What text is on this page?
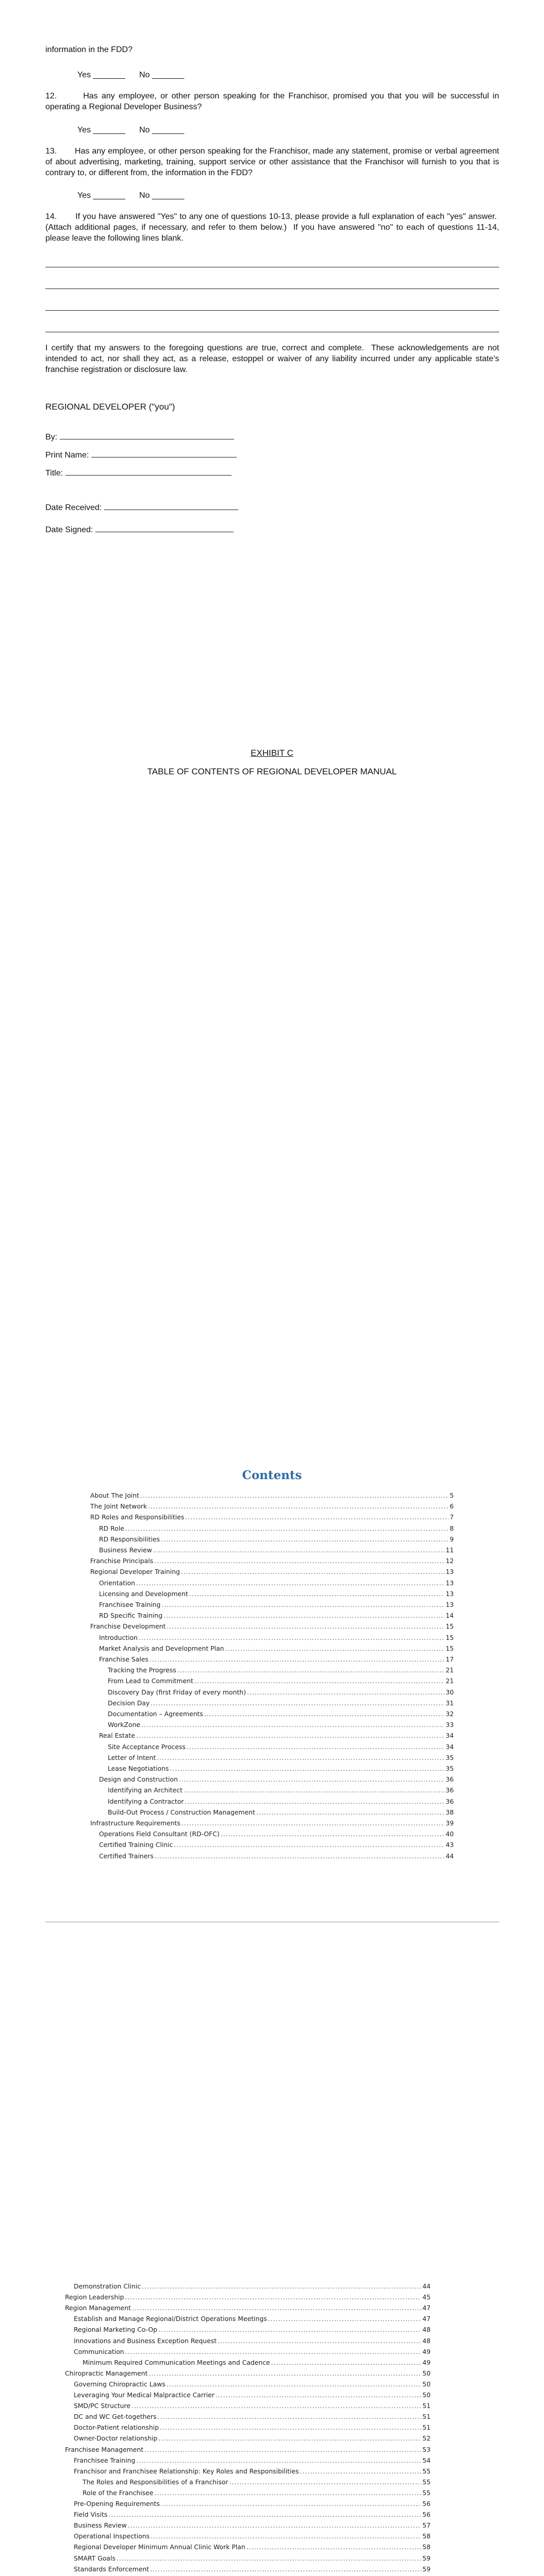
information in the FDD?

Yes _______ No _______

12.       Has any employee, or other person speaking for the Franchisor, promised you that you will be successful in operating a Regional Developer Business?

Yes _______ No _______

13.       Has any employee, or other person speaking for the Franchisor, made any statement, promise or verbal agreement of about advertising, marketing, training, support service or other assistance that the Franchisor will furnish to you that is contrary to, or different from, the information in the FDD?

Yes _______ No _______

14.       If you have answered "Yes" to any one of questions 10-13, please provide a full explanation of each "yes" answer.  (Attach additional pages, if necessary, and refer to them below.)  If you have answered "no" to each of questions 11-14, please leave the following lines blank.

I certify that my answers to the foregoing questions are true, correct and complete.  These acknowledgements are not intended to act, nor shall they act, as a release, estoppel or waiver of any liability incurred under any applicable state's franchise registration or disclosure law.

REGIONAL DEVELOPER ("you")
By:
Print Name:
Title:
Date Received:
Date Signed:
EXHIBIT C
TABLE OF CONTENTS OF REGIONAL DEVELOPER MANUAL
Contents
About The Joint .....	5
The Joint Network .....	6
RD Roles and Responsibilities .....	7
RD Role .....	8
RD Responsibilities .....	9
Business Review .....	11
Franchise Principals .....	12
Regional Developer Training .....	13
Orientation .....	13
Licensing and Development .....	13
Franchisee Training .....	13
RD Specific Training .....	14
Franchise Development .....	15
Introduction .....	15
Market Analysis and Development Plan .....	15
Franchise Sales .....	17
Tracking the Progress .....	21
From Lead to Commitment .....	21
Discovery Day (first Friday of every month) .....	30
Decision Day .....	31
Documentation – Agreements .....	32
WorkZone .....	33
Real Estate .....	34
Site Acceptance Process .....	34
Letter of Intent .....	35
Lease Negotiations .....	35
Design and Construction .....	36
Identifying an Architect .....	36
Identifying a Contractor .....	36
Build-Out Process / Construction Management .....	38
Infrastructure Requirements .....	39
Operations Field Consultant (RD-OFC) .....	40
Certified Training Clinic .....	43
Certified Trainers .....	44
Demonstration Clinic .....	44
Region Leadership .....	45
Region Management .....	47
Establish and Manage Regional/District Operations Meetings .....	47
Regional Marketing Co-Op .....	48
Innovations and Business Exception Request .....	48
Communication .....	49
Minimum Required Communication Meetings and Cadence .....	49
Chiropractic Management .....	50
Governing Chiropractic Laws .....	50
Leveraging Your Medical Malpractice Carrier .....	50
SMD/PC Structure .....	51
DC and WC Get-togethers .....	51
Doctor-Patient relationship .....	51
Owner-Doctor relationship .....	52
Franchisee Management .....	53
Franchisee Training .....	54
Franchisor and Franchisee Relationship: Key Roles and Responsibilities .....	55
The Roles and Responsibilities of a Franchisor .....	55
Role of the Franchisee .....	55
Pre-Opening Requirements .....	56
Field Visits .....	56
Business Review .....	57
Operational Inspections .....	58
Regional Developer Minimum Annual Clinic Work Plan .....	58
SMART Goals .....	59
Standards Enforcement .....	59
.....
